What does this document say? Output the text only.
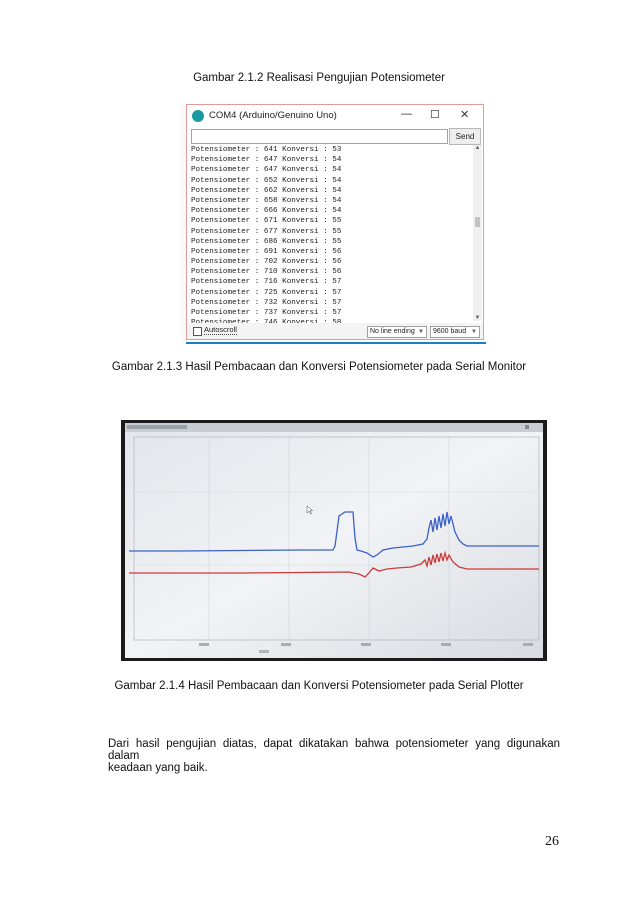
Gambar 2.1.2 Realisasi Pengujian Potensiometer
COM4 (Arduino/Genuino Uno)	— ☐ ✕
Send
Potensiometer : 641 Konversi : 53
Potensiometer : 647 Konversi : 54
Potensiometer : 647 Konversi : 54
Potensiometer : 652 Konversi : 54
Potensiometer : 662 Konversi : 54
Potensiometer : 658 Konversi : 54
Potensiometer : 666 Konversi : 54
Potensiometer : 671 Konversi : 55
Potensiometer : 677 Konversi : 55
Potensiometer : 686 Konversi : 55
Potensiometer : 691 Konversi : 56
Potensiometer : 702 Konversi : 56
Potensiometer : 710 Konversi : 56
Potensiometer : 716 Konversi : 57
Potensiometer : 725 Konversi : 57
Potensiometer : 732 Konversi : 57
Potensiometer : 737 Konversi : 57
▲
▼
Autoscroll	No line ending ▼	9600 baud ▼
Gambar 2.1.3 Hasil Pembacaan dan Konversi Potensiometer pada Serial Monitor
Gambar 2.1.4 Hasil Pembacaan dan Konversi Potensiometer pada Serial Plotter
Dari hasil pengujian diatas, dapat dikatakan bahwa potensiometer yang digunakan dalam
keadaan yang baik.
26
